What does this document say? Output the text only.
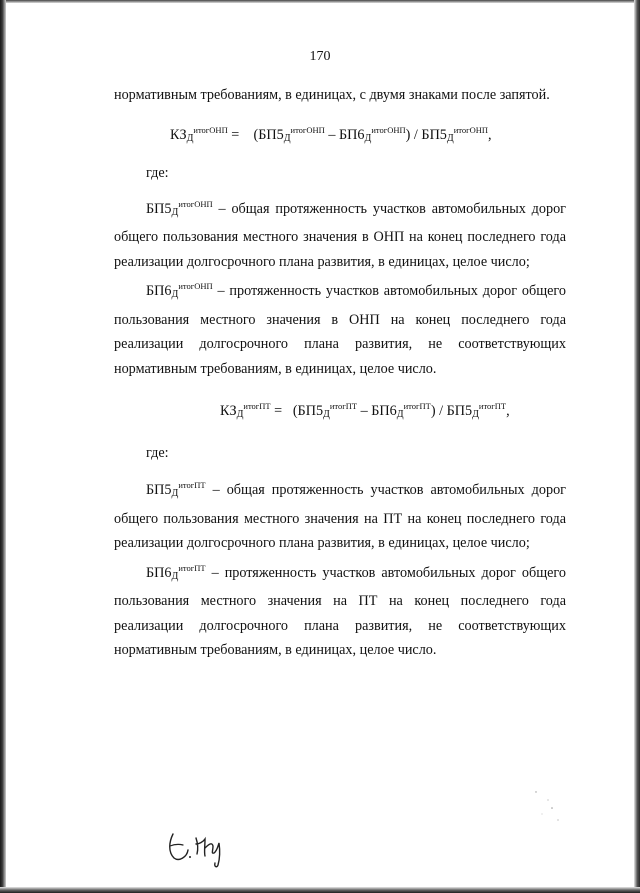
170

нормативным требованиям, в единицах, с двумя знаками после запятой.

$КЗ_Д^{итогОНП}$ =    $(БП5_Д^{итогОНП} - БП6_Д^{итогОНП}) / БП5_Д^{итогОНП}$,

где:

$БП5_Д^{итогОНП}$ – общая протяженность участков автомобильных дорог общего пользования местного значения в ОНП на конец последнего года реализации долгосрочного плана развития, в единицах, целое число;

$БП6_Д^{итогОНП}$ – протяженность участков автомобильных дорог общего пользования местного значения в ОНП на конец последнего года реализации долгосрочного плана развития, не соответствующих нормативным требованиям, в единицах, целое число.

$КЗ_Д^{итогПТ} = (БП5_Д^{итогПТ} - БП6_Д^{итогПТ}) / БП5_Д^{итогПТ}$,

где:

$БП5_Д^{итогПТ}$ – общая протяженность участков автомобильных дорог общего пользования местного значения на ПТ на конец последнего года реализации долгосрочного плана развития, в единицах, целое число;

$БП6_Д^{итогПТ}$ – протяженность участков автомобильных дорог общего пользования местного значения на ПТ на конец последнего года реализации долгосрочного плана развития, не соответствующих нормативным требованиям, в единицах, целое число.
